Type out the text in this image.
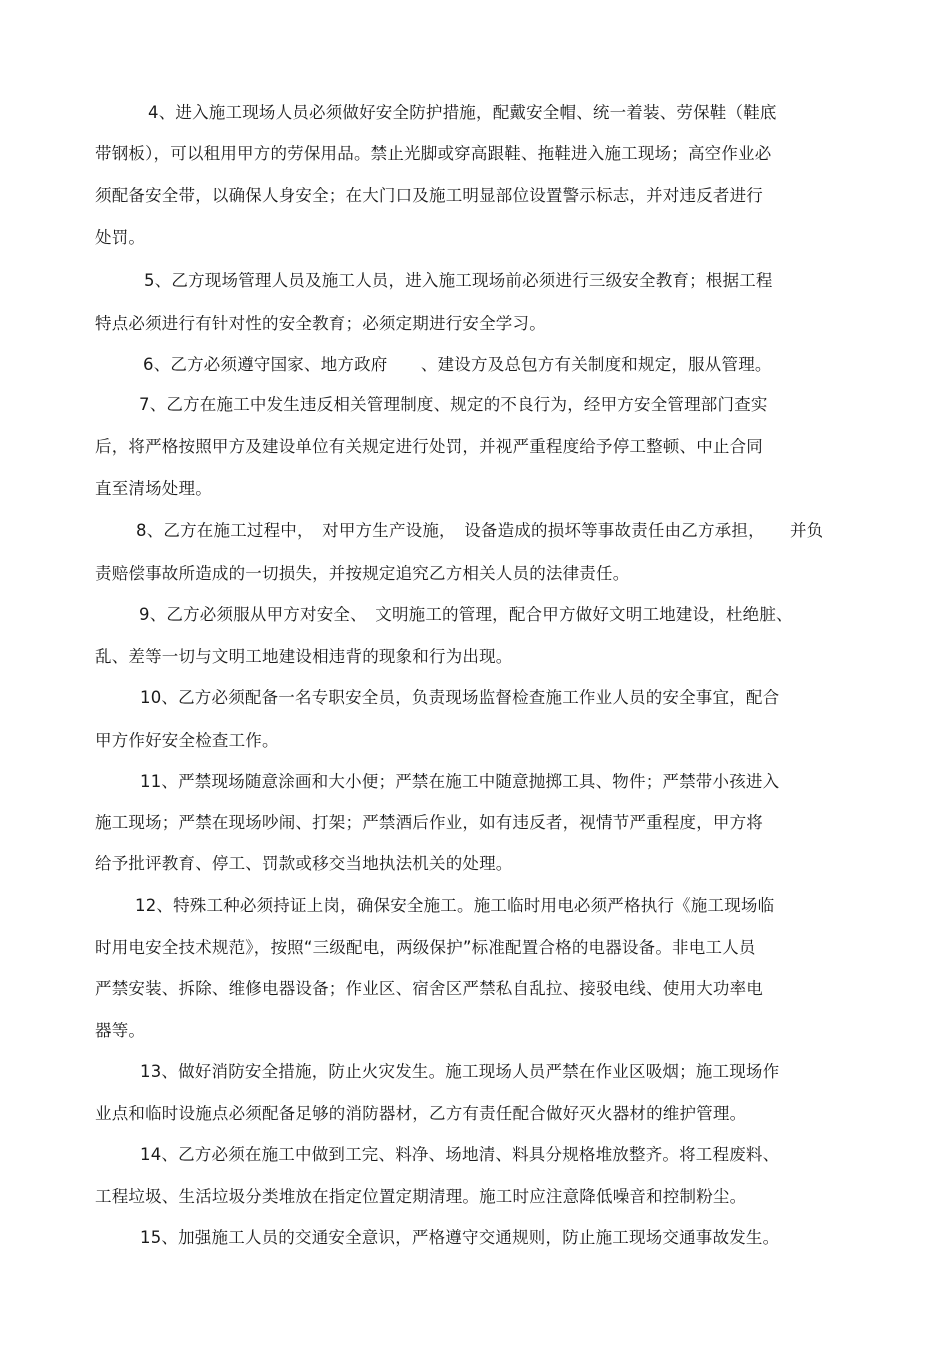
4、进入施工现场人员必须做好安全防护措施，配戴安全帽、统一着装、劳保鞋（鞋底
带钢板），可以租用甲方的劳保用品。禁止光脚或穿高跟鞋、拖鞋进入施工现场；高空作业必
须配备安全带，以确保人身安全；在大门口及施工明显部位设置警示标志，并对违反者进行
处罚。
5、乙方现场管理人员及施工人员，进入施工现场前必须进行三级安全教育；根据工程
特点必须进行有针对性的安全教育；必须定期进行安全学习。
6、乙方必须遵守国家、地方政府　　、建设方及总包方有关制度和规定，服从管理。
7、乙方在施工中发生违反相关管理制度、规定的不良行为，经甲方安全管理部门查实
后，将严格按照甲方及建设单位有关规定进行处罚，并视严重程度给予停工整顿、中止合同
直至清场处理。
8、乙方在施工过程中，　对甲方生产设施，　设备造成的损坏等事故责任由乙方承担，　　并负
责赔偿事故所造成的一切损失，并按规定追究乙方相关人员的法律责任。
9、乙方必须服从甲方对安全、　文明施工的管理，配合甲方做好文明工地建设，杜绝脏、
乱、差等一切与文明工地建设相违背的现象和行为出现。
10、乙方必须配备一名专职安全员，负责现场监督检查施工作业人员的安全事宜，配合
甲方作好安全检查工作。
11、严禁现场随意涂画和大小便；严禁在施工中随意抛掷工具、物件；严禁带小孩进入
施工现场；严禁在现场吵闹、打架；严禁酒后作业，如有违反者，视情节严重程度，甲方将
给予批评教育、停工、罚款或移交当地执法机关的处理。
12、特殊工种必须持证上岗，确保安全施工。施工临时用电必须严格执行《施工现场临
时用电安全技术规范》，按照“三级配电，两级保护”标准配置合格的电器设备。非电工人员
严禁安装、拆除、维修电器设备；作业区、宿舍区严禁私自乱拉、接驳电线、使用大功率电
器等。
13、做好消防安全措施，防止火灾发生。施工现场人员严禁在作业区吸烟；施工现场作
业点和临时设施点必须配备足够的消防器材，乙方有责任配合做好灭火器材的维护管理。
14、乙方必须在施工中做到工完、料净、场地清、料具分规格堆放整齐。将工程废料、
工程垃圾、生活垃圾分类堆放在指定位置定期清理。施工时应注意降低噪音和控制粉尘。
15、加强施工人员的交通安全意识，严格遵守交通规则，防止施工现场交通事故发生。
